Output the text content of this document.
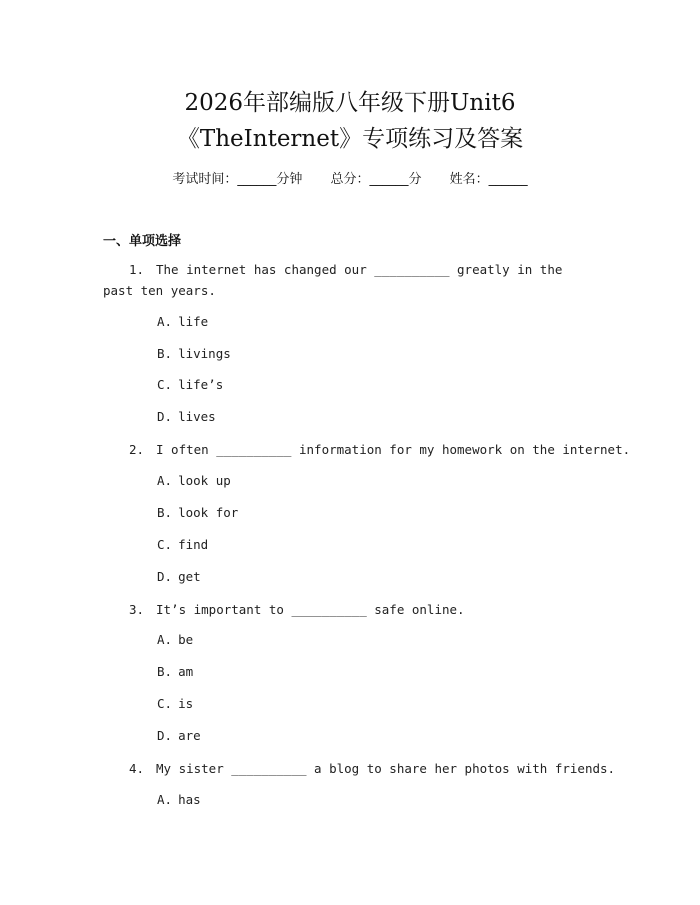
2026年部编版八年级下册Unit6
《TheInternet》专项练习及答案
考试时间：______分钟 总分：______分 姓名：______
一、单项选择
1. The internet has changed our __________ greatly in the past ten years.
A. life
B. livings
C. life’s
D. lives
2. I often __________ information for my homework on the internet.
A. look up
B. look for
C. find
D. get
3. It’s important to __________ safe online.
A. be
B. am
C. is
D. are
4. My sister __________ a blog to share her photos with friends.
A. has
